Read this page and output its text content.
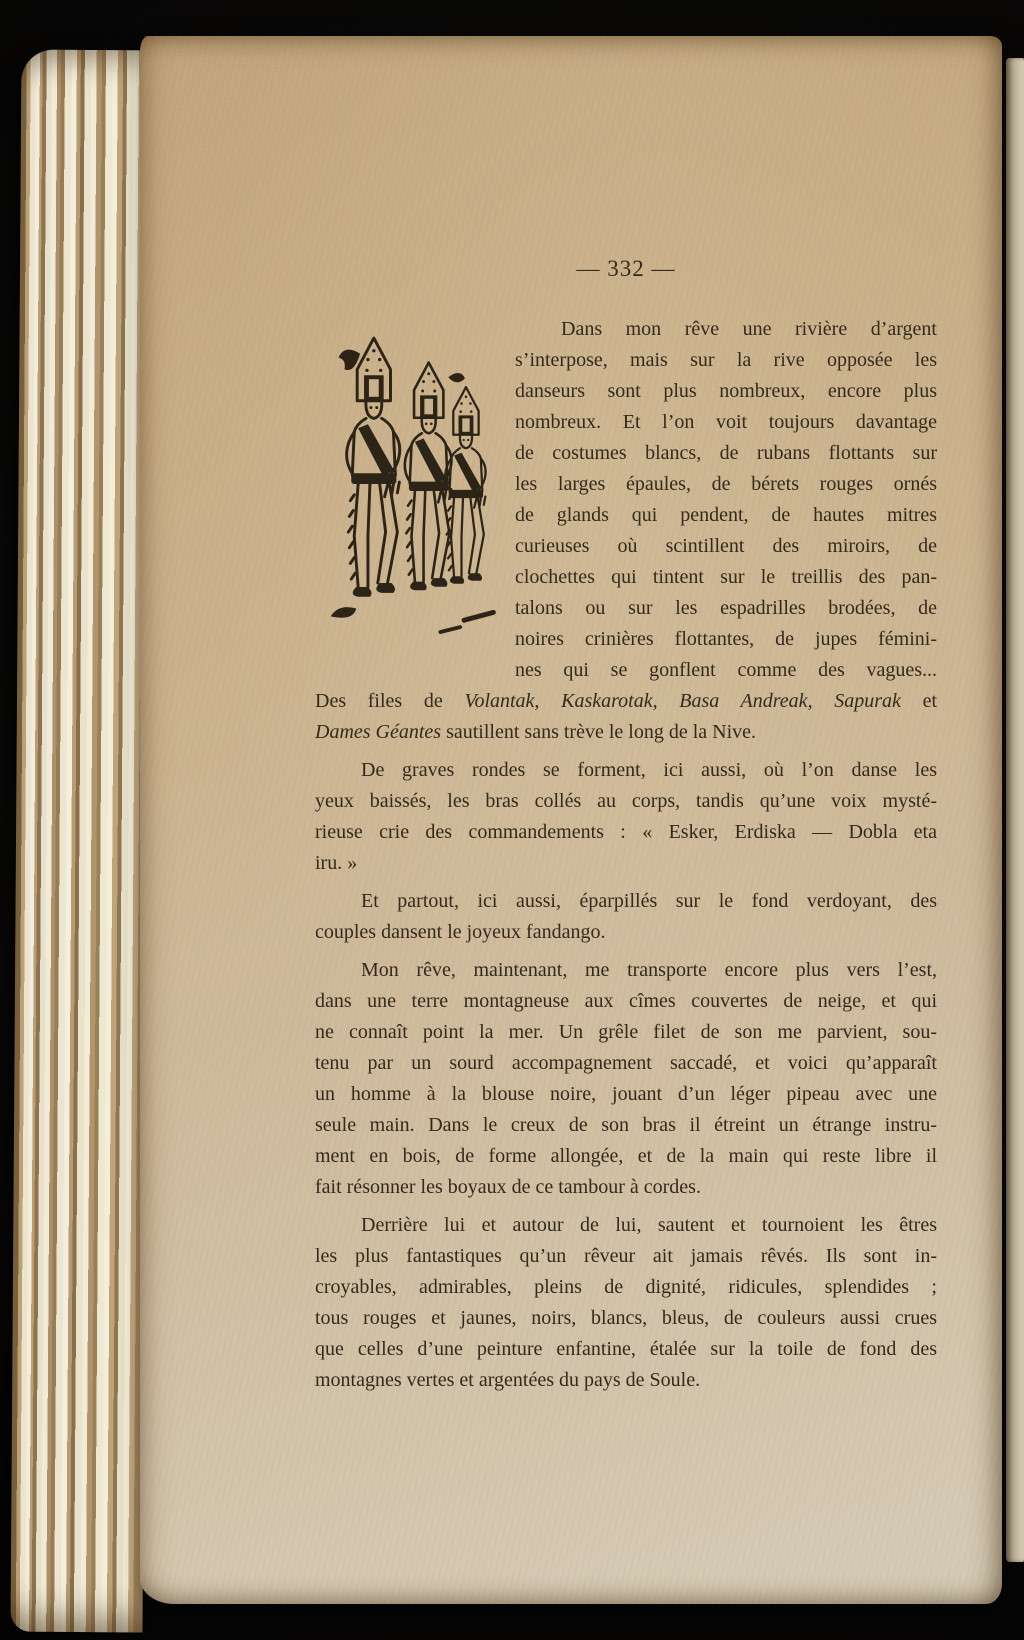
— 332 —
Dans mon rêve une rivière d’argent
s’interpose, mais sur la rive opposée les
danseurs sont plus nombreux, encore plus
nombreux. Et l’on voit toujours davantage
de costumes blancs, de rubans flottants sur
les larges épaules, de bérets rouges ornés
de glands qui pendent, de hautes mitres
curieuses où scintillent des miroirs, de
clochettes qui tintent sur le treillis des pan-
talons ou sur les espadrilles brodées, de
noires crinières flottantes, de jupes fémini-
nes qui se gonflent comme des vagues...
Des files de Volantak, Kaskarotak, Basa Andreak, Sapurak et
Dames Géantes sautillent sans trève le long de la Nive.
De graves rondes se forment, ici aussi, où l’on danse les
yeux baissés, les bras collés au corps, tandis qu’une voix mysté-
rieuse crie des commandements : « Esker, Erdiska — Dobla eta
iru. »
Et partout, ici aussi, éparpillés sur le fond verdoyant, des
couples dansent le joyeux fandango.
Mon rêve, maintenant, me transporte encore plus vers l’est,
dans une terre montagneuse aux cîmes couvertes de neige, et qui
ne connaît point la mer. Un grêle filet de son me parvient, sou-
tenu par un sourd accompagnement saccadé, et voici qu’apparaît
un homme à la blouse noire, jouant d’un léger pipeau avec une
seule main. Dans le creux de son bras il étreint un étrange instru-
ment en bois, de forme allongée, et de la main qui reste libre il
fait résonner les boyaux de ce tambour à cordes.
Derrière lui et autour de lui, sautent et tournoient les êtres
les plus fantastiques qu’un rêveur ait jamais rêvés. Ils sont in-
croyables, admirables, pleins de dignité, ridicules, splendides ;
tous rouges et jaunes, noirs, blancs, bleus, de couleurs aussi crues
que celles d’une peinture enfantine, étalée sur la toile de fond des
montagnes vertes et argentées du pays de Soule.
